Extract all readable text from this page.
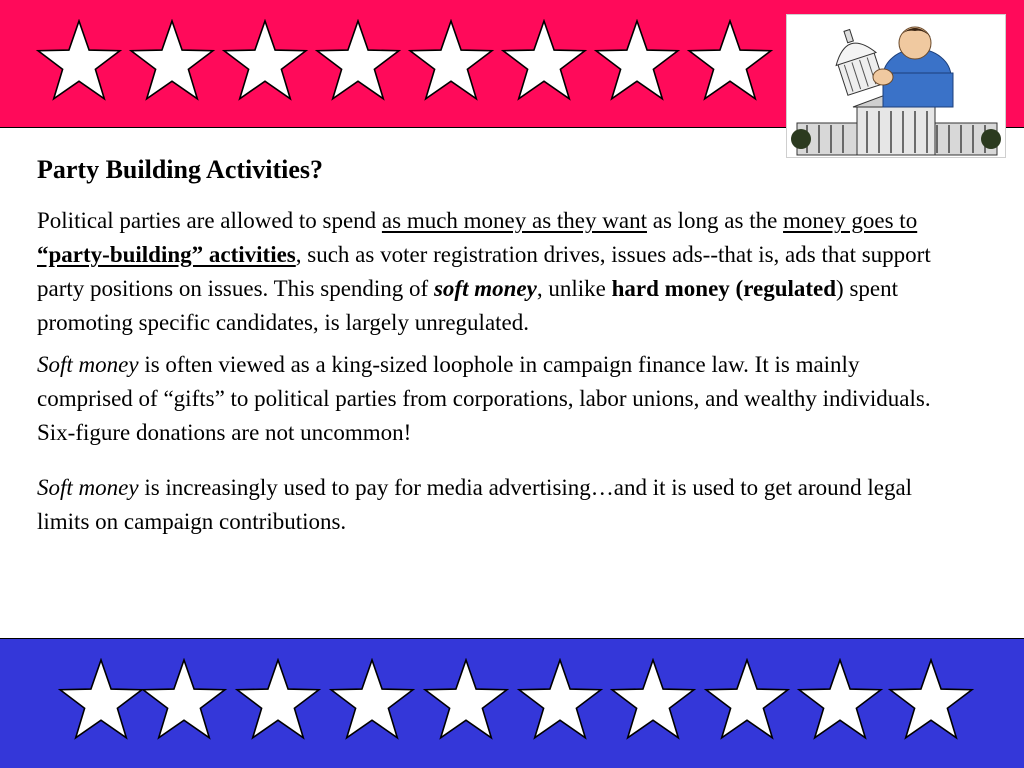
Party Building Activities?

Political parties are allowed to spend as much money as they want as long as the money goes to “party-building” activities, such as voter registration drives, issues ads--that is, ads that support party positions on issues. This spending of soft money, unlike hard money (regulated) spent promoting specific candidates, is largely unregulated.

Soft money is often viewed as a king-sized loophole in campaign finance law. It is mainly comprised of “gifts” to political parties from corporations, labor unions, and wealthy individuals. Six-figure donations are not uncommon!

Soft money is increasingly used to pay for media advertising…and it is used to get around legal limits on campaign contributions.
